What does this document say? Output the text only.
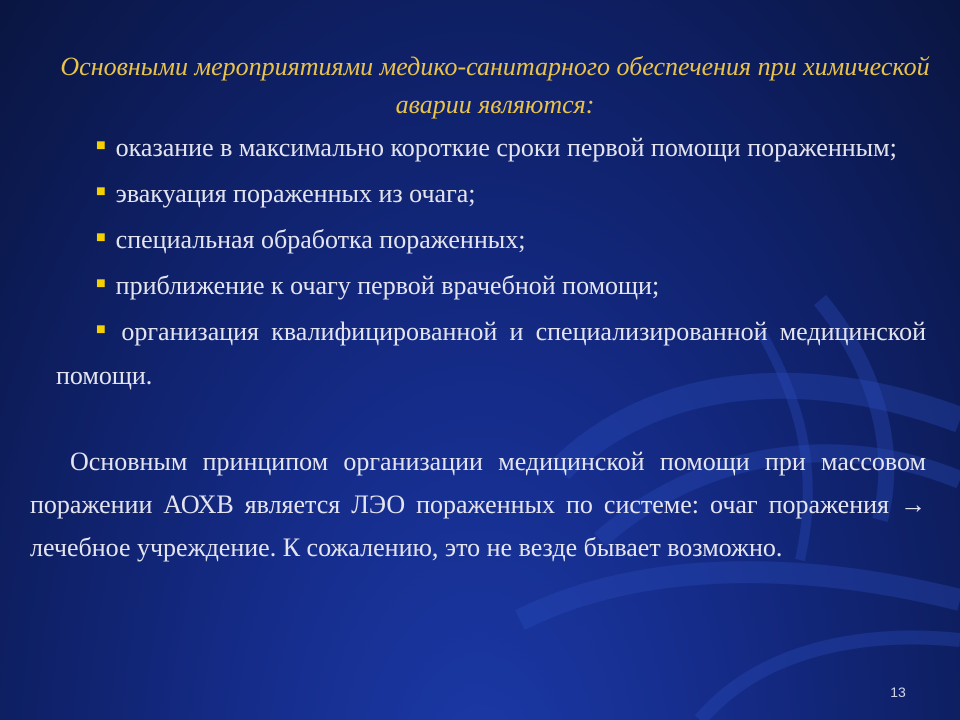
Основными мероприятиями медико-санитарного обеспечения при химической аварии являются:
■ оказание в максимально короткие сроки первой помощи пораженным;
■ эвакуация пораженных из очага;
■ специальная обработка пораженных;
■ приближение к очагу первой врачебной помощи;
■ организация квалифицированной и специализированной медицинской помощи.

Основным принципом организации медицинской помощи при массовом поражении АОХВ является ЛЭО пораженных по системе: очаг поражения → лечебное учреждение. К сожалению, это не везде бывает возможно.

13
